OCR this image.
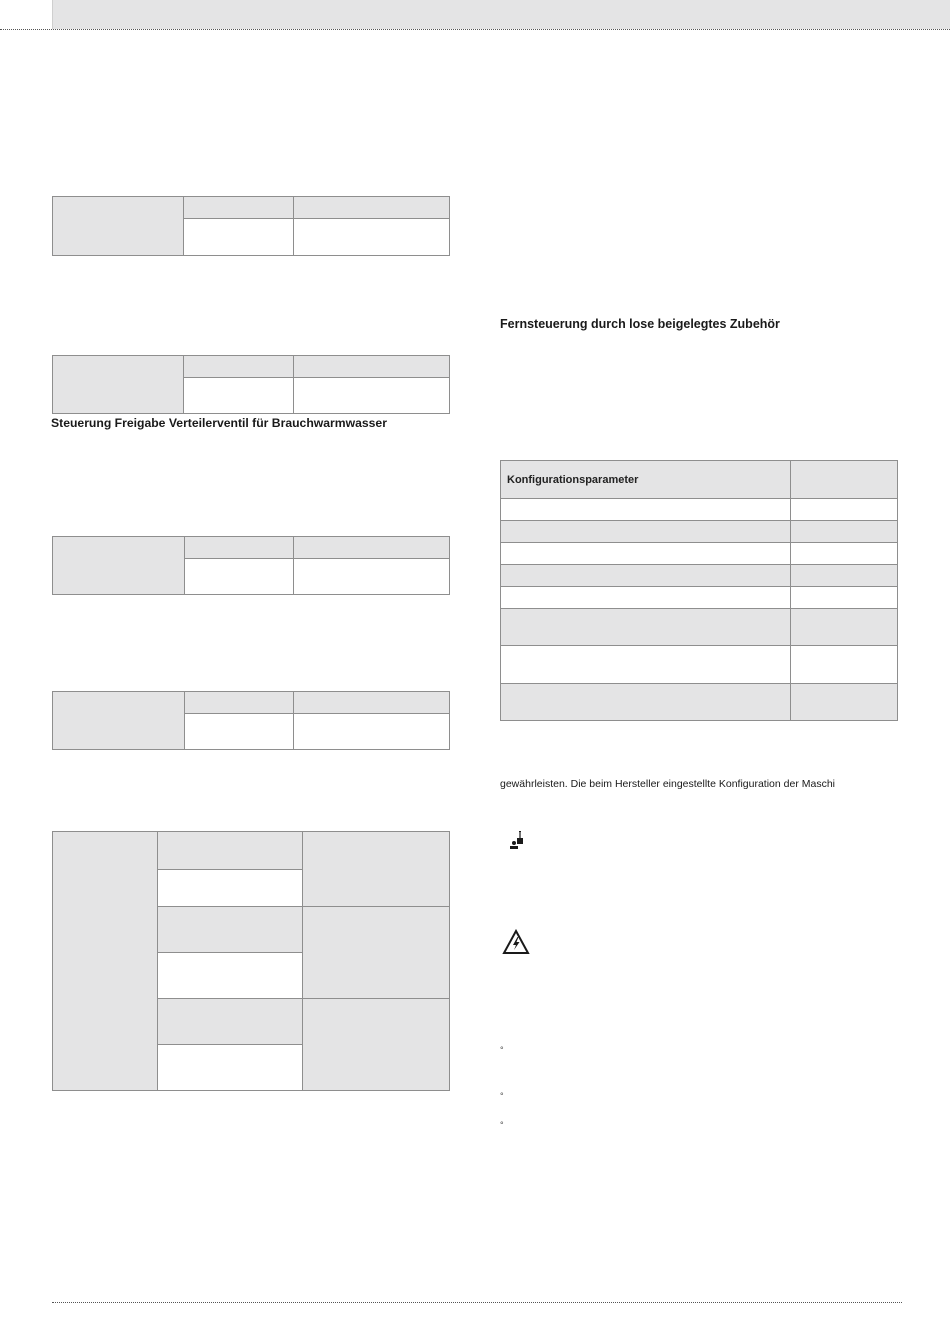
Steuerung Freigabe Verteilerventil für Brauchwarmwasser

Fernsteuerung durch lose beigelegtes Zubehör
Konfigurationsparameter	

gewährleisten. Die beim Hersteller eingestellte Konfiguration der Maschi
°
°
°
